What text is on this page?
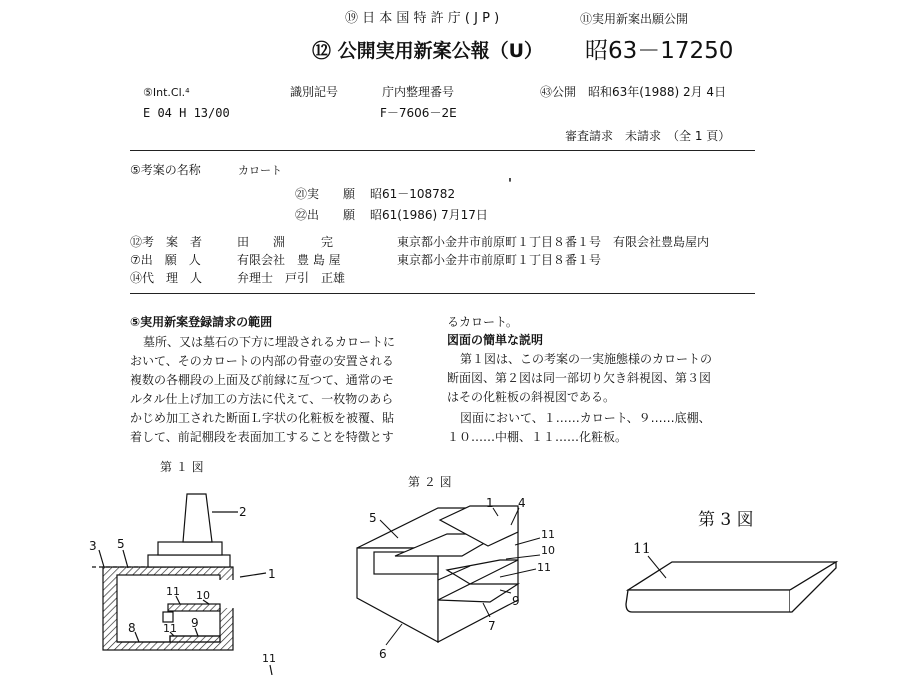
⑲ 日 本 国 特 許 庁 ( J P )	⑪実用新案出願公開
⑫ 公開実用新案公報（U） 昭63－17250
⑤Int.Cl.⁴	識別記号	庁内整理番号	㊸公開　昭和63年(1988) 2月 4日
E 04 H 13/00	F－7606－2E
審査請求　未請求　（全 1 頁）
⑤考案の名称	カロート
㉑実　　願 昭61－108782
㉒出　　願 昭61(1986) 7月17日
'
⑫考　案　者	田　　淵　　　完	東京都小金井市前原町１丁目８番１号　有限会社豊島屋内
⑦出　願　人	有限会社　豊 島 屋	東京都小金井市前原町１丁目８番１号
⑭代　理　人	弁理士　戸引　正雄
⑤実用新案登録請求の範囲
墓所、又は墓石の下方に埋設されるカロートに
おいて、そのカロートの内部の骨壺の安置される
複数の各棚段の上面及び前縁に亙つて、通常のモ
ルタル仕上げ加工の方法に代えて、一枚物のあら
かじめ加工された断面Ｌ字状の化粧板を被覆、貼
着して、前記棚段を表面加工することを特徴とす
るカロート。
図面の簡単な説明
第１図は、この考案の一実施態様のカロートの
断面図、第２図は同一部切り欠き斜視図、第３図
はその化粧板の斜視図である。
図面において、１……カロート、９……底棚、
１０……中棚、１１……化粧板。
第 １ 図
第 ２ 図
第 3 図
2
3 5
1
11 10
8 11 9
11
1 4
5
11
10
11
9
7
6
11
